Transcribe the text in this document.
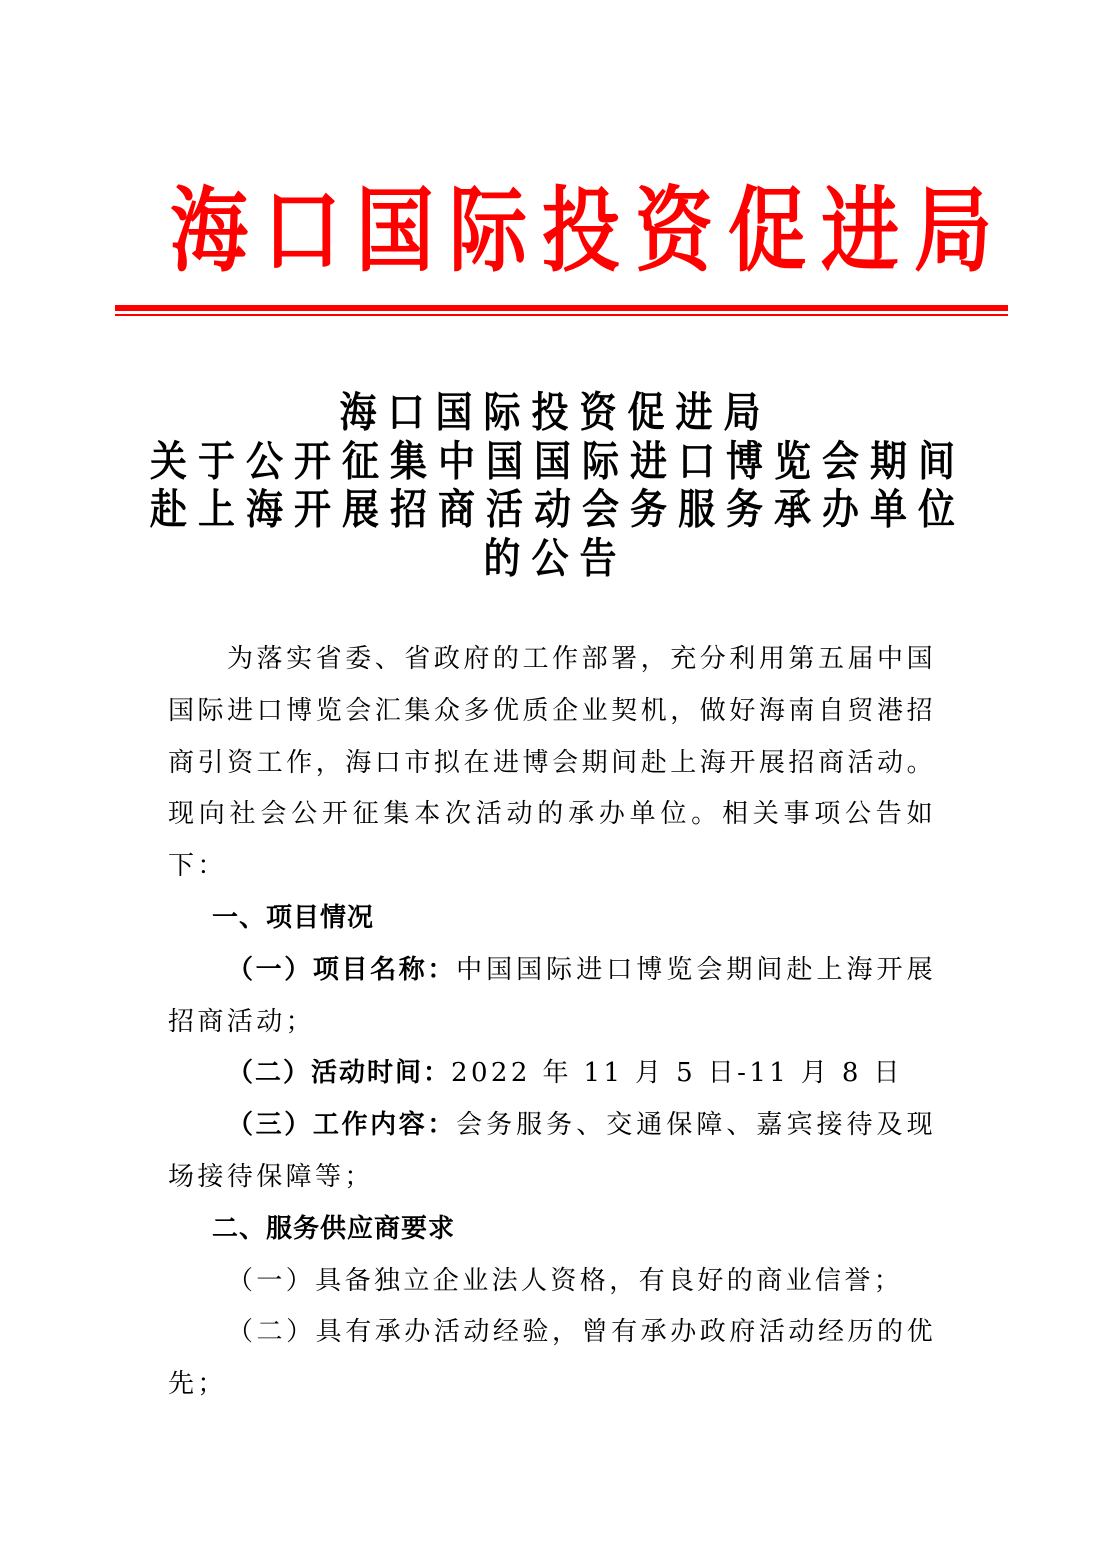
海口国际投资促进局
海口国际投资促进局
关于公开征集中国国际进口博览会期间
赴上海开展招商活动会务服务承办单位
的公告

为落实省委、省政府的工作部署，充分利用第五届中国国际进口博览会汇集众多优质企业契机，做好海南自贸港招商引资工作，海口市拟在进博会期间赴上海开展招商活动。现向社会公开征集本次活动的承办单位。相关事项公告如下：

一、项目情况
（一）项目名称：中国国际进口博览会期间赴上海开展招商活动；
（二）活动时间：2022 年 11 月 5 日-11 月 8 日
（三）工作内容：会务服务、交通保障、嘉宾接待及现场接待保障等；
二、服务供应商要求
（一）具备独立企业法人资格，有良好的商业信誉；
（二）具有承办活动经验，曾有承办政府活动经历的优先；
